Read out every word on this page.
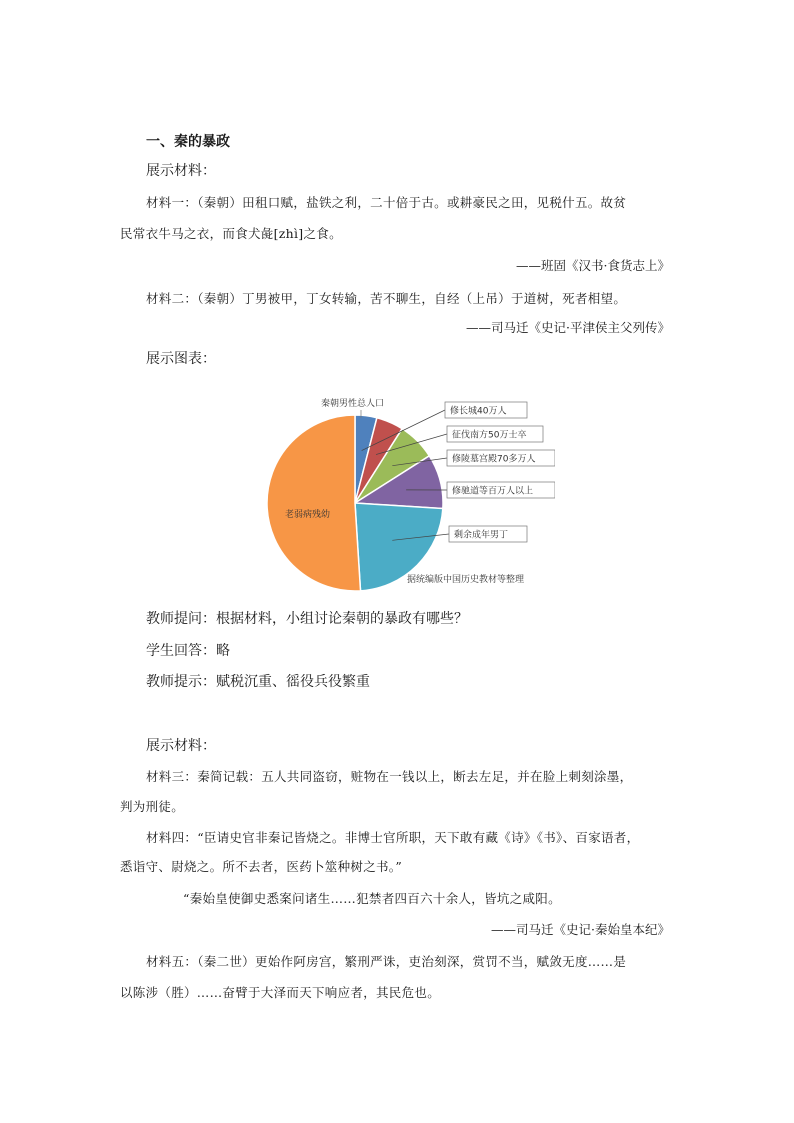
一、秦的暴政
展示材料：
材料一：（秦朝）田租口赋，盐铁之利，二十倍于古。或耕豪民之田，见税什五。故贫
民常衣牛马之衣，而食犬彘[zhì]之食。
——班固《汉书·食货志上》
材料二：（秦朝）丁男被甲，丁女转输，苦不聊生，自经（上吊）于道树，死者相望。
——司马迁《史记·平津侯主父列传》
展示图表：
秦朝男性总人口
修长城40万人
征伐南方50万士卒
修陵墓宫殿70多万人
修驰道等百万人以上
剩余成年男丁
老弱病残幼
据统编版中国历史教材等整理
教师提问：根据材料，小组讨论秦朝的暴政有哪些？
学生回答：略
教师提示：赋税沉重、徭役兵役繁重
展示材料：
材料三：秦简记载：五人共同盗窃，赃物在一钱以上，断去左足，并在脸上刺刻涂墨，
判为刑徒。
材料四：“臣请史官非秦记皆烧之。非博士官所职，天下敢有藏《诗》《书》、百家语者，
悉诣守、尉烧之。所不去者，医药卜筮种树之书。”
“秦始皇使御史悉案问诸生……犯禁者四百六十余人，皆坑之咸阳。
——司马迁《史记·秦始皇本纪》
材料五：（秦二世）更始作阿房宫，繁刑严诛，吏治刻深，赏罚不当，赋敛无度……是
以陈涉（胜）……奋臂于大泽而天下响应者，其民危也。
